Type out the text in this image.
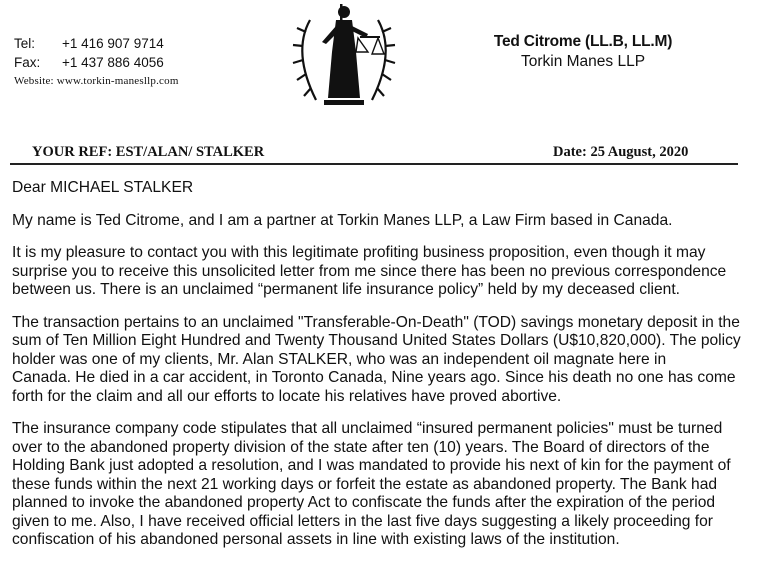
Tel: +1 416 907 9714
Fax: +1 437 886 4056
Website: www.torkin-manesllp.com
Ted Citrome (LL.B, LL.M)
Torkin Manes LLP
YOUR REF: EST/ALAN/ STALKER	Date: 25 August, 2020

Dear MICHAEL STALKER

My name is Ted Citrome, and I am a partner at Torkin Manes LLP, a Law Firm based in Canada.

It is my pleasure to contact you with this legitimate profiting business proposition, even though it may

surprise you to receive this unsolicited letter from me since there has been no previous correspondence

between us. There is an unclaimed “permanent life insurance policy” held by my deceased client.

The transaction pertains to an unclaimed "Transferable-On-Death" (TOD) savings monetary deposit in the

sum of Ten Million Eight Hundred and Twenty Thousand United States Dollars (U$10,820,000). The policy

holder was one of my clients, Mr. Alan STALKER, who was an independent oil magnate here in

Canada. He died in a car accident, in Toronto Canada, Nine years ago. Since his death no one has come

forth for the claim and all our efforts to locate his relatives have proved abortive.

The insurance company code stipulates that all unclaimed “insured permanent policies" must be turned

over to the abandoned property division of the state after ten (10) years. The Board of directors of the

Holding Bank just adopted a resolution, and I was mandated to provide his next of kin for the payment of

these funds within the next 21 working days or forfeit the estate as abandoned property. The Bank had

planned to invoke the abandoned property Act to confiscate the funds after the expiration of the period

given to me. Also, I have received official letters in the last five days suggesting a likely proceeding for

confiscation of his abandoned personal assets in line with existing laws of the institution.
